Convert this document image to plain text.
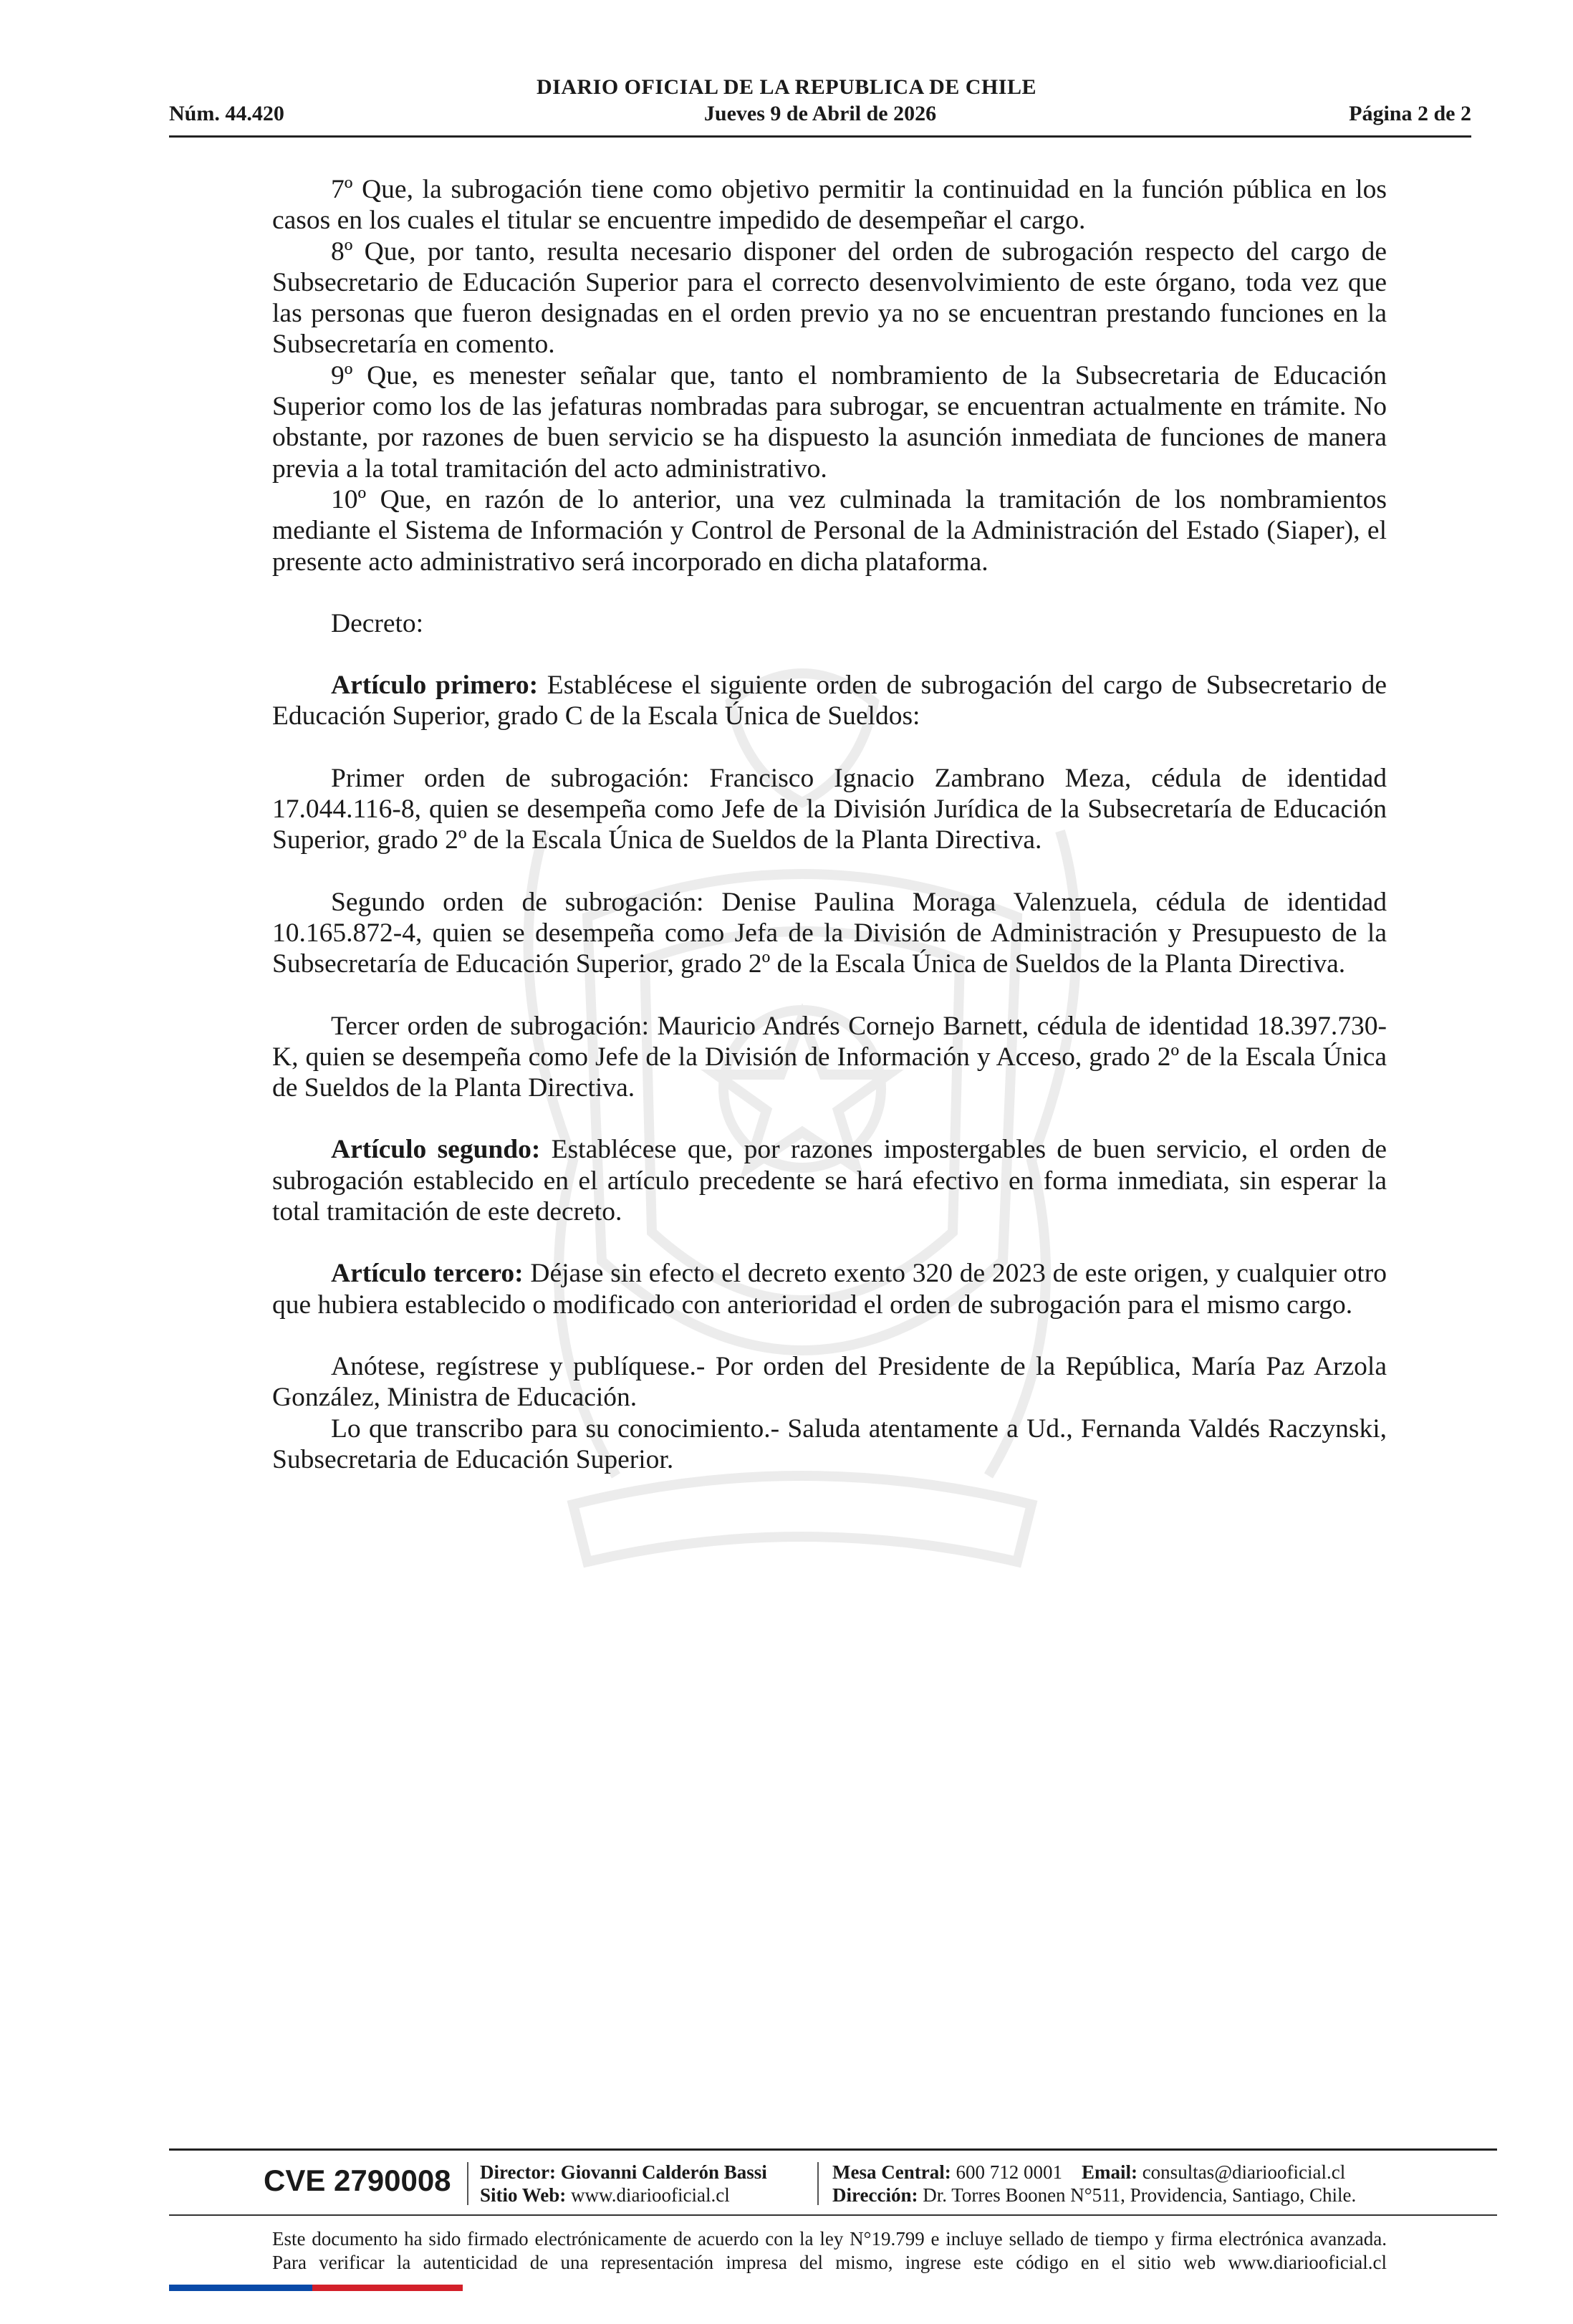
DIARIO OFICIAL DE LA REPUBLICA DE CHILE
Núm. 44.420	Jueves 9 de Abril de 2026	Página 2 de 2

7º Que, la subrogación tiene como objetivo permitir la continuidad en la función pública en los casos en los cuales el titular se encuentre impedido de desempeñar el cargo.

8º Que, por tanto, resulta necesario disponer del orden de subrogación respecto del cargo de Subsecretario de Educación Superior para el correcto desenvolvimiento de este órgano, toda vez que las personas que fueron designadas en el orden previo ya no se encuentran prestando funciones en la Subsecretaría en comento.

9º Que, es menester señalar que, tanto el nombramiento de la Subsecretaria de Educación Superior como los de las jefaturas nombradas para subrogar, se encuentran actualmente en trámite. No obstante, por razones de buen servicio se ha dispuesto la asunción inmediata de funciones de manera previa a la total tramitación del acto administrativo.

10º Que, en razón de lo anterior, una vez culminada la tramitación de los nombramientos mediante el Sistema de Información y Control de Personal de la Administración del Estado (Siaper), el presente acto administrativo será incorporado en dicha plataforma.

Decreto:

Artículo primero: Establécese el siguiente orden de subrogación del cargo de Subsecretario de Educación Superior, grado C de la Escala Única de Sueldos:

Primer orden de subrogación: Francisco Ignacio Zambrano Meza, cédula de identidad 17.044.116-8, quien se desempeña como Jefe de la División Jurídica de la Subsecretaría de Educación Superior, grado 2º de la Escala Única de Sueldos de la Planta Directiva.

Segundo orden de subrogación: Denise Paulina Moraga Valenzuela, cédula de identidad 10.165.872-4, quien se desempeña como Jefa de la División de Administración y Presupuesto de la Subsecretaría de Educación Superior, grado 2º de la Escala Única de Sueldos de la Planta Directiva.

Tercer orden de subrogación: Mauricio Andrés Cornejo Barnett, cédula de identidad 18.397.730-K, quien se desempeña como Jefe de la División de Información y Acceso, grado 2º de la Escala Única de Sueldos de la Planta Directiva.

Artículo segundo: Establécese que, por razones impostergables de buen servicio, el orden de subrogación establecido en el artículo precedente se hará efectivo en forma inmediata, sin esperar la total tramitación de este decreto.

Artículo tercero: Déjase sin efecto el decreto exento 320 de 2023 de este origen, y cualquier otro que hubiera establecido o modificado con anterioridad el orden de subrogación para el mismo cargo.

Anótese, regístrese y publíquese.- Por orden del Presidente de la República, María Paz Arzola González, Ministra de Educación.

Lo que transcribo para su conocimiento.- Saluda atentamente a Ud., Fernanda Valdés Raczynski, Subsecretaria de Educación Superior.

CVE 2790008 Director: Giovanni Calderón Bassi
Sitio Web: www.diariooficial.cl
Mesa Central: 600 712 0001 Email: consultas@diariooficial.cl
Dirección: Dr. Torres Boonen N°511, Providencia, Santiago, Chile.
Este documento ha sido firmado electrónicamente de acuerdo con la ley N°19.799 e incluye sellado de tiempo y firma electrónica avanzada. Para verificar la autenticidad de una representación impresa del mismo, ingrese este código en el sitio web www.diariooficial.cl
